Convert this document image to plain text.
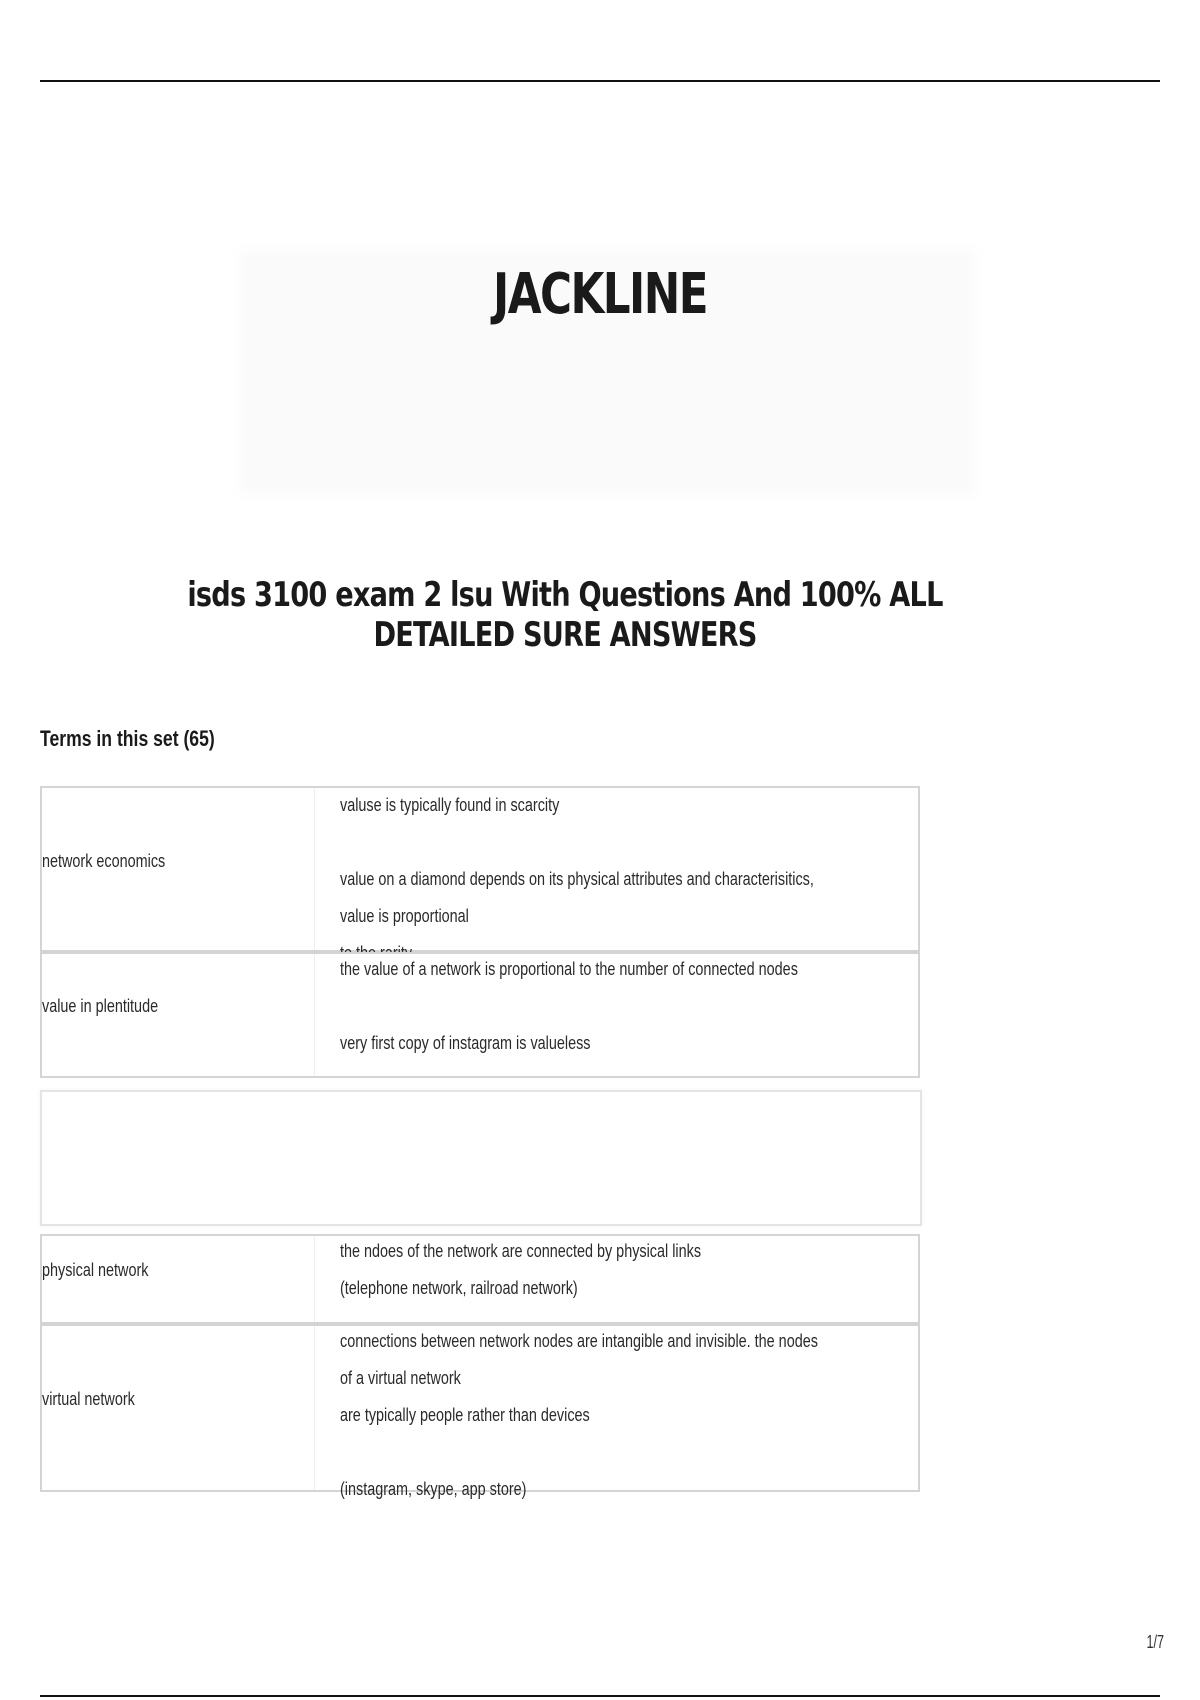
JACKLINE
isds 3100 exam 2 lsu With Questions And 100% ALL DETAILED SURE ANSWERS
Terms in this set (65)
network economics
valuse is typically found in scarcity

value on a diamond depends on its physical attributes and characterisitics, value is proportional

value in plentitude
the value of a network is proportional to the number of connected nodes

very first copy of instagram is valueless
physical network
the ndoes of the network are connected by physical links
(telephone network, railroad network)
virtual network
connections between network nodes are intangible and invisible. the nodes of a virtual network
are typically people rather than devices

(instagram, skype, app store)
1/7
